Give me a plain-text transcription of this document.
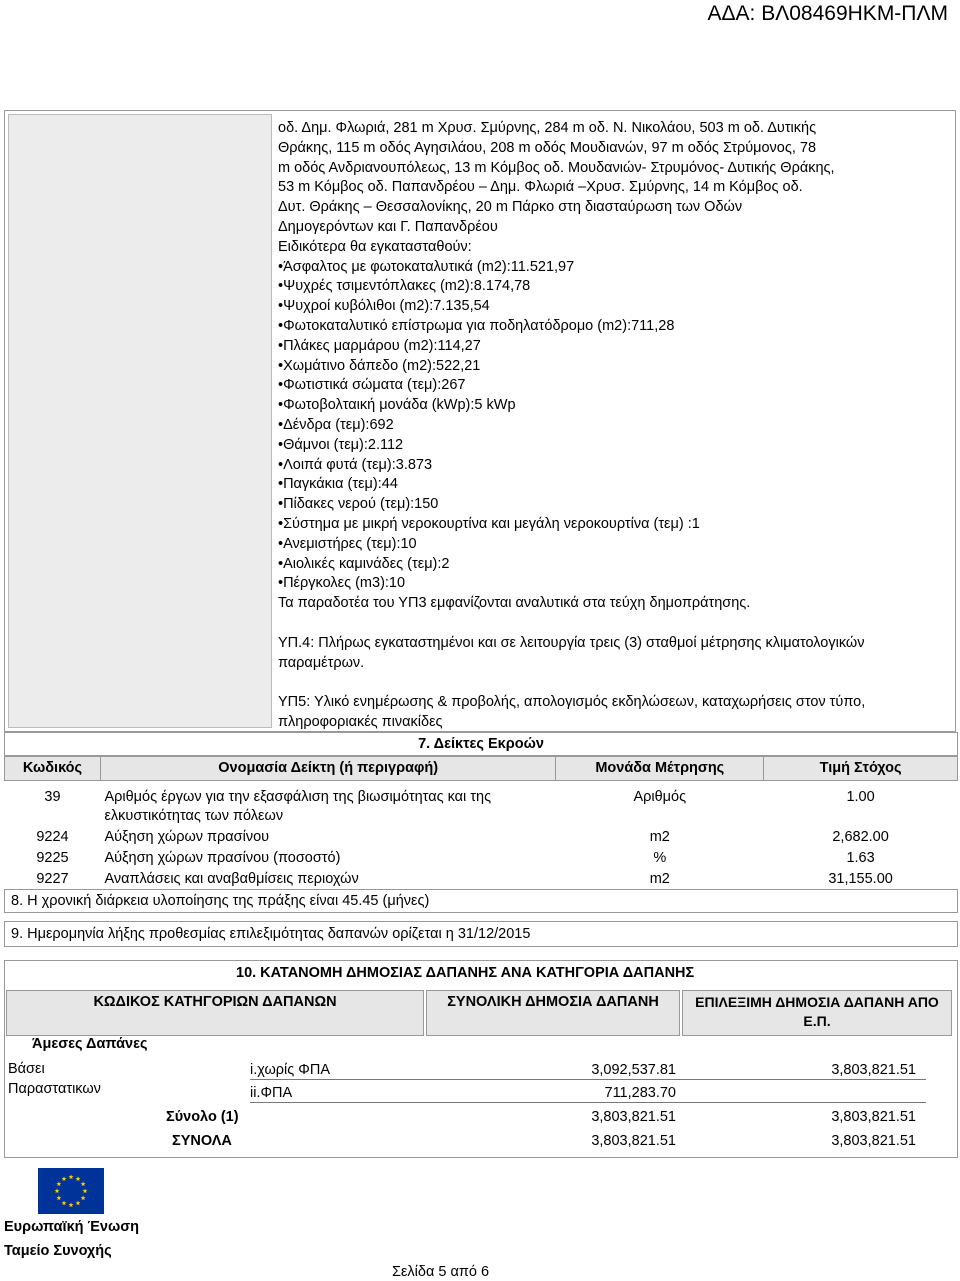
ΑΔΑ: ΒΛ08469ΗΚΜ-ΠΛΜ
οδ. Δημ. Φλωριά, 281 m Χρυσ. Σμύρνης, 284 m οδ. Ν. Νικολάου, 503 m οδ. Δυτικής
Θράκης, 115 m οδός Αγησιλάου, 208 m οδός Μουδιανών, 97 m οδός Στρύμονος, 78
m οδός Ανδριανουπόλεως, 13 m Κόμβος οδ. Μουδανιών- Στρυμόνος- Δυτικής Θράκης,
53 m Κόμβος οδ. Παπανδρέου – Δημ. Φλωριά –Χρυσ. Σμύρνης, 14 m Κόμβος οδ.
Δυτ. Θράκης – Θεσσαλονίκης, 20 m Πάρκο στη διασταύρωση των Οδών
Δημογερόντων και Γ. Παπανδρέου
Ειδικότερα θα εγκατασταθούν:
•Άσφαλτος με φωτοκαταλυτικά (m2):11.521,97
•Ψυχρές τσιμεντόπλακες (m2):8.174,78
•Ψυχροί κυβόλιθοι (m2):7.135,54
•Φωτοκαταλυτικό επίστρωμα για ποδηλατόδρομο (m2):711,28
•Πλάκες μαρμάρου (m2):114,27
•Χωμάτινο δάπεδο (m2):522,21
•Φωτιστικά σώματα (τεμ):267
•Φωτοβολταική μονάδα (kWp):5 kWp
•Δένδρα (τεμ):692
•Θάμνοι (τεμ):2.112
•Λοιπά φυτά (τεμ):3.873
•Παγκάκια (τεμ):44
•Πίδακες νερού (τεμ):150
•Σύστημα με μικρή νεροκουρτίνα και μεγάλη νεροκουρτίνα (τεμ) :1
•Ανεμιστήρες (τεμ):10
•Αιολικές καμινάδες (τεμ):2
•Πέργκολες (m3):10
Τα παραδοτέα του ΥΠ3 εμφανίζονται αναλυτικά στα τεύχη δημοπράτησης.
ΥΠ.4: Πλήρως εγκαταστημένοι και σε λειτουργία τρεις (3) σταθμοί μέτρησης κλιματολογικών παραμέτρων.
ΥΠ5: Υλικό ενημέρωσης & προβολής, απολογισμός εκδηλώσεων, καταχωρήσεις στον τύπο, πληροφοριακές πινακίδες
7. Δείκτες Εκροών
Κωδικός	Ονομασία Δείκτη (ή περιγραφή)	Μονάδα Μέτρησης	Τιμή Στόχος

39	Αριθμός έργων για την εξασφάλιση της βιωσιμότητας και της ελκυστικότητας των πόλεων	Αριθμός	1.00
9224	Αύξηση χώρων πρασίνου	m2	2,682.00
9225	Αύξηση χώρων πρασίνου (ποσοστό)	%	1.63
9227	Αναπλάσεις και αναβαθμίσεις περιοχών	m2	31,155.00
8. Η χρονική διάρκεια υλοποίησης της πράξης είναι 45.45 (μήνες)
9. Ημερομηνία λήξης προθεσμίας επιλεξιμότητας δαπανών ορίζεται η 31/12/2015
10. ΚΑΤΑΝΟΜΗ ΔΗΜΟΣΙΑΣ ΔΑΠΑΝΗΣ ΑΝΑ ΚΑΤΗΓΟΡΙΑ ΔΑΠΑΝΗΣ
ΚΩΔΙΚΟΣ ΚΑΤΗΓΟΡΙΩΝ ΔΑΠΑΝΩΝ	ΣΥΝΟΛΙΚΗ ΔΗΜΟΣΙΑ ΔΑΠΑΝΗ	ΕΠΙΛΕΞΙΜΗ ΔΗΜΟΣΙΑ ΔΑΠΑΝΗ ΑΠΟ Ε.Π.
Άμεσες Δαπάνες
Βάσει
Παραστατικων
i.χωρίς ΦΠΑ	3,092,537.81	3,803,821.51
ii.ΦΠΑ	711,283.70
Σύνολο (1)	3,803,821.51	3,803,821.51
ΣΥΝΟΛΑ	3,803,821.51	3,803,821.51
Ευρωπαϊκή Ένωση
Ταμείο Συνοχής
Σελίδα 5 από 6
